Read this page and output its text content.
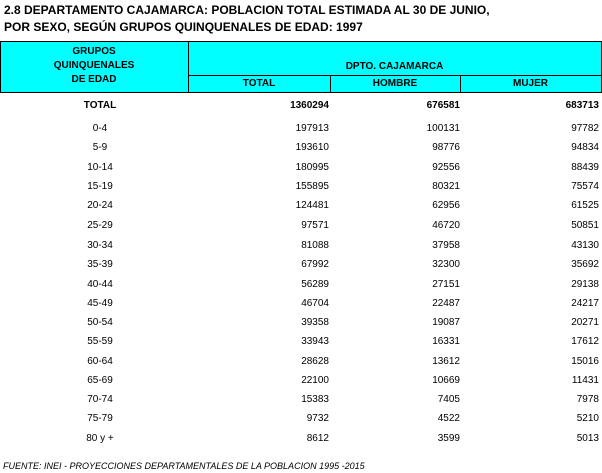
2.8 DEPARTAMENTO CAJAMARCA: POBLACION TOTAL ESTIMADA AL 30 DE JUNIO,
POR SEXO, SEGÚN GRUPOS QUINQUENALES DE EDAD: 1997
GRUPOS
QUINQUENALES
DE EDAD
DPTO. CAJAMARCA
TOTAL	HOMBRE	MUJER
TOTAL	1360294	676581	683713
0-4	197913	100131	97782
5-9	193610	98776	94834
10-14	180995	92556	88439
15-19	155895	80321	75574
20-24	124481	62956	61525
25-29	97571	46720	50851
30-34	81088	37958	43130
35-39	67992	32300	35692
40-44	56289	27151	29138
45-49	46704	22487	24217
50-54	39358	19087	20271
55-59	33943	16331	17612
60-64	28628	13612	15016
65-69	22100	10669	11431
70-74	15383	7405	7978
75-79	9732	4522	5210
80 y +	8612	3599	5013
FUENTE: INEI - PROYECCIONES DEPARTAMENTALES DE LA POBLACION 1995 -2015
